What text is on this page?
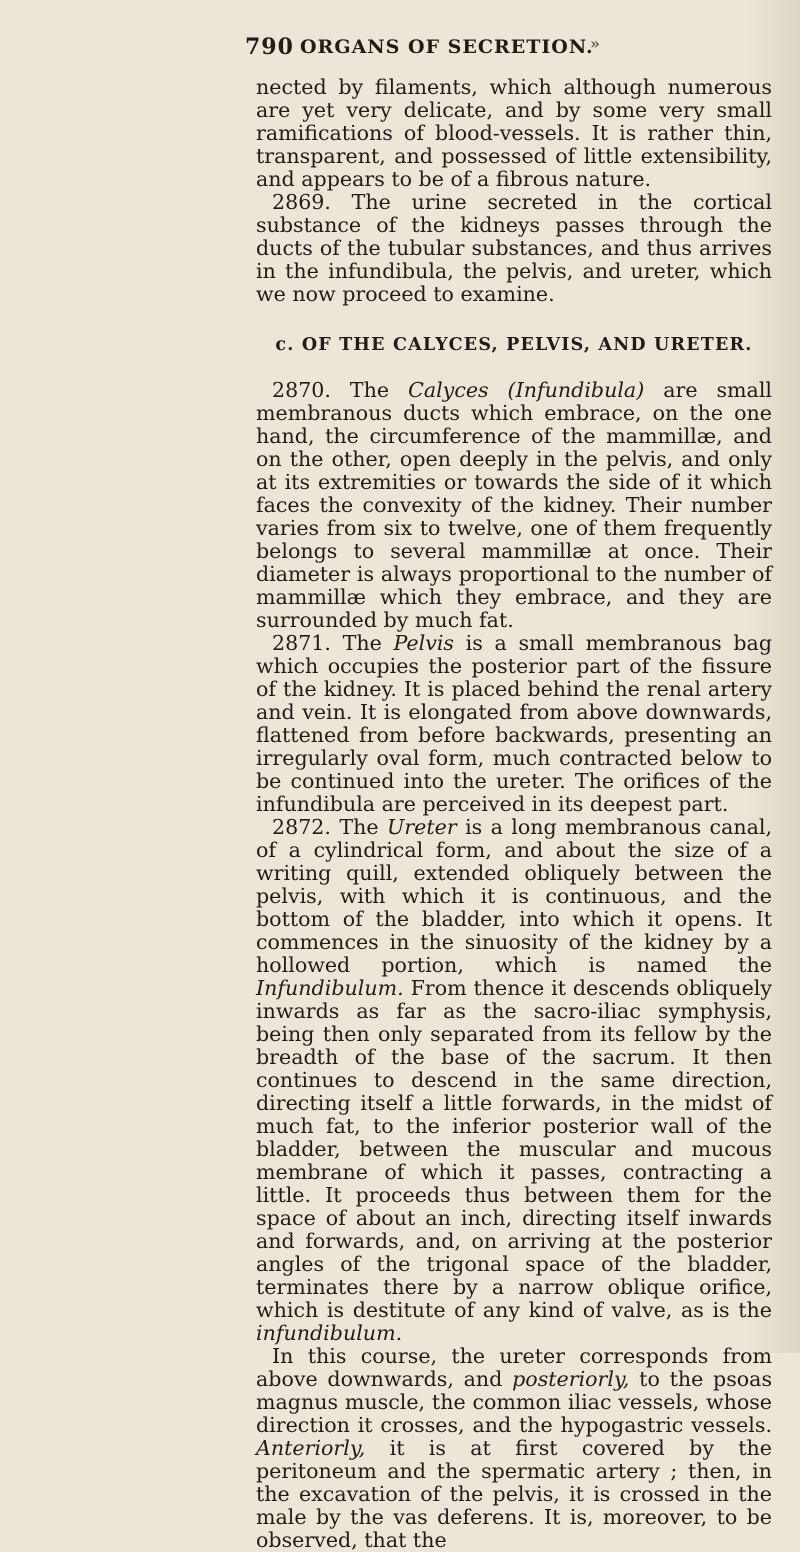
790 ORGANS OF SECRETION.
»

nected by filaments, which although numerous are yet very delicate, and by some very small ramifications of blood-vessels. It is rather thin, transparent, and possessed of little extensibility, and appears to be of a fibrous nature.

2869. The urine secreted in the cortical substance of the kidneys passes through the ducts of the tubular substances, and thus arrives in the infundibula, the pelvis, and ureter, which we now proceed to examine.

c. OF THE CALYCES, PELVIS, AND URETER.

2870. The Calyces (Infundibula) are small membranous ducts which embrace, on the one hand, the circumference of the mammillæ, and on the other, open deeply in the pelvis, and only at its extremities or towards the side of it which faces the convexity of the kidney. Their number varies from six to twelve, one of them frequently belongs to several mammillæ at once. Their diameter is always proportional to the number of mammillæ which they embrace, and they are surrounded by much fat.

2871. The Pelvis is a small membranous bag which occupies the posterior part of the fissure of the kidney. It is placed behind the renal artery and vein. It is elongated from above downwards, flattened from before backwards, presenting an irregularly oval form, much contracted below to be continued into the ureter. The orifices of the infundibula are perceived in its deepest part.

2872. The Ureter is a long membranous canal, of a cylindrical form, and about the size of a writing quill, extended obliquely between the pelvis, with which it is continuous, and the bottom of the bladder, into which it opens. It commences in the sinuosity of the kidney by a hollowed portion, which is named the Infundibulum. From thence it descends obliquely inwards as far as the sacro-iliac symphysis, being then only separated from its fellow by the breadth of the base of the sacrum. It then continues to descend in the same direction, directing itself a little forwards, in the midst of much fat, to the inferior posterior wall of the bladder, between the muscular and mucous membrane of which it passes, contracting a little. It proceeds thus between them for the space of about an inch, directing itself inwards and forwards, and, on arriving at the posterior angles of the trigonal space of the bladder, terminates there by a narrow oblique orifice, which is destitute of any kind of valve, as is the infundibulum.

In this course, the ureter corresponds from above downwards, and posteriorly, to the psoas magnus muscle, the common iliac vessels, whose direction it crosses, and the hypogastric vessels. Anteriorly, it is at first covered by the peritoneum and the spermatic artery ; then, in the excavation of the pelvis, it is crossed in the male by the vas deferens. It is, moreover, to be observed, that the
